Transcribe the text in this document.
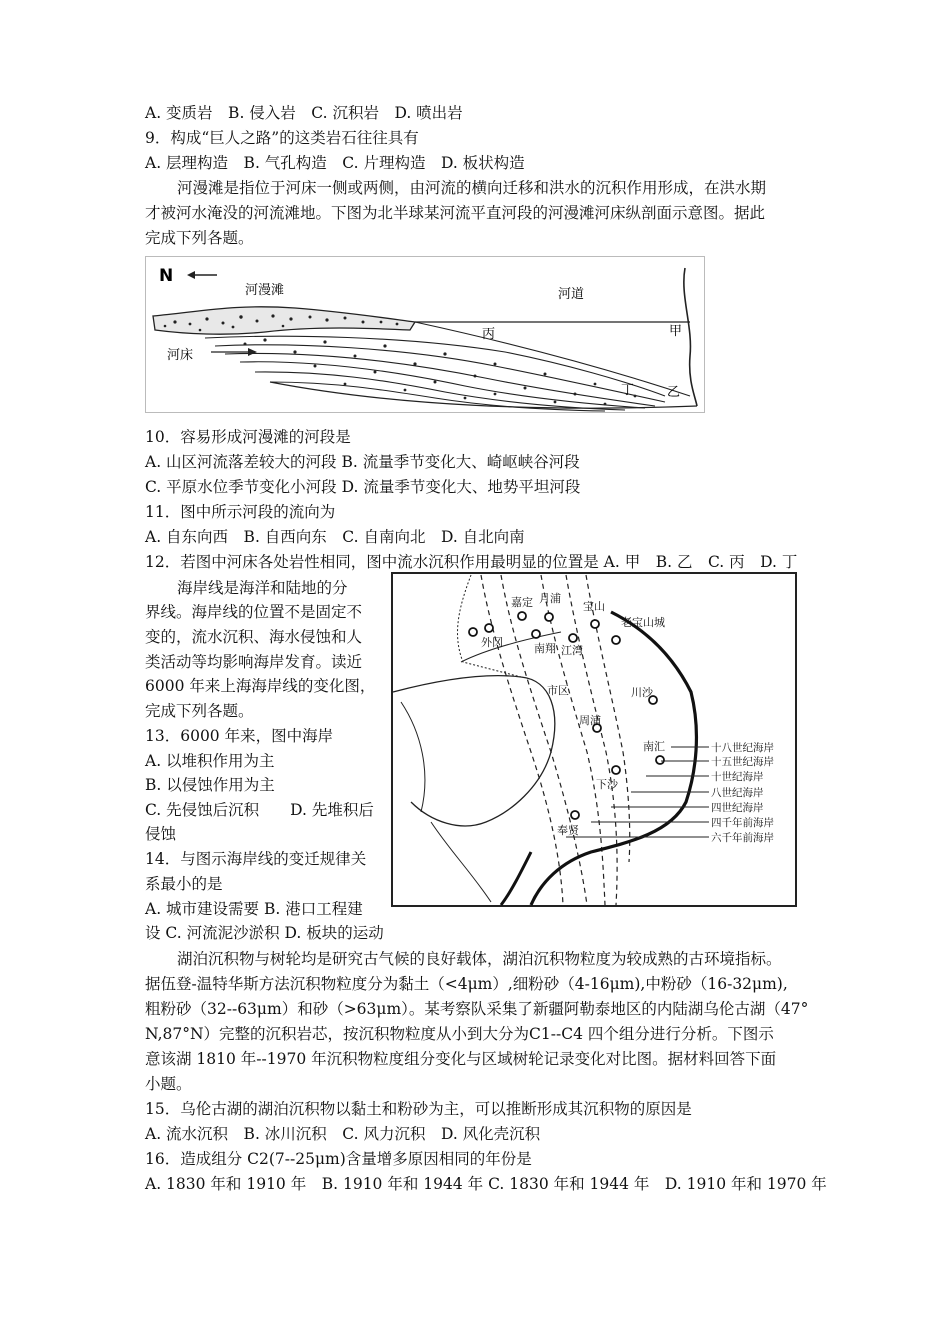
A. 变质岩　B. 侵入岩　C. 沉积岩　D. 喷出岩
9．构成“巨人之路”的这类岩石往往具有
A. 层理构造　B. 气孔构造　C. 片理构造　D. 板状构造
河漫滩是指位于河床一侧或两侧，由河流的横向迁移和洪水的沉积作用形成，在洪水期
才被河水淹没的河流滩地。下图为北半球某河流平直河段的河漫滩河床纵剖面示意图。据此
完成下列各题。
N
河漫滩	河道
河床
甲
乙
丙
丁
10．容易形成河漫滩的河段是
A. 山区河流落差较大的河段 B. 流量季节变化大、崎岖峡谷河段
C. 平原水位季节变化小河段 D. 流量季节变化大、地势平坦河段
11．图中所示河段的流向为
A. 自东向西　B. 自西向东　C. 自南向北　D. 自北向南
12．若图中河床各处岩性相同，图中流水沉积作用最明显的位置是 A. 甲　B. 乙　C. 丙　D. 丁
海岸线是海洋和陆地的分
界线。海岸线的位置不是固定不
变的，流水沉积、海水侵蚀和人
类活动等均影响海岸发育。读近
6000 年来上海海岸线的变化图，
完成下列各题。
13．6000 年来，图中海岸
A. 以堆积作用为主
B. 以侵蚀作用为主
C. 先侵蚀后沉积　　D. 先堆积后
侵蚀
14．与图示海岸线的变迁规律关
系最小的是
A. 城市建设需要 B. 港口工程建
设 C. 河流泥沙淤积 D. 板块的运动
嘉定 月浦
宝山
老宝山城
外冈	南翔 江湾
市区	川沙
周浦
南汇
下沙
奉贤
十八世纪海岸
十五世纪海岸
十世纪海岸
八世纪海岸
四世纪海岸
四千年前海岸
六千年前海岸
湖泊沉积物与树轮均是研究古气候的良好载体，湖泊沉积物粒度为较成熟的古环境指标。
据伍登-温特华斯方法沉积物粒度分为黏土（<4μm）,细粉砂（4-16μm),中粉砂（16-32μm),
粗粉砂（32--63μm）和砂（>63μm）。某考察队采集了新疆阿勒泰地区的内陆湖乌伦古湖（47°
N,87°N）完整的沉积岩芯，按沉积物粒度从小到大分为C1--C4 四个组分进行分析。下图示
意该湖 1810 年--1970 年沉积物粒度组分变化与区域树轮记录变化对比图。据材料回答下面
小题。
15．乌伦古湖的湖泊沉积物以黏土和粉砂为主，可以推断形成其沉积物的原因是
A. 流水沉积　B. 冰川沉积　C. 风力沉积　D. 风化壳沉积
16．造成组分 C2(7--25μm)含量增多原因相同的年份是
A. 1830 年和 1910 年　B. 1910 年和 1944 年 C. 1830 年和 1944 年　D. 1910 年和 1970 年
